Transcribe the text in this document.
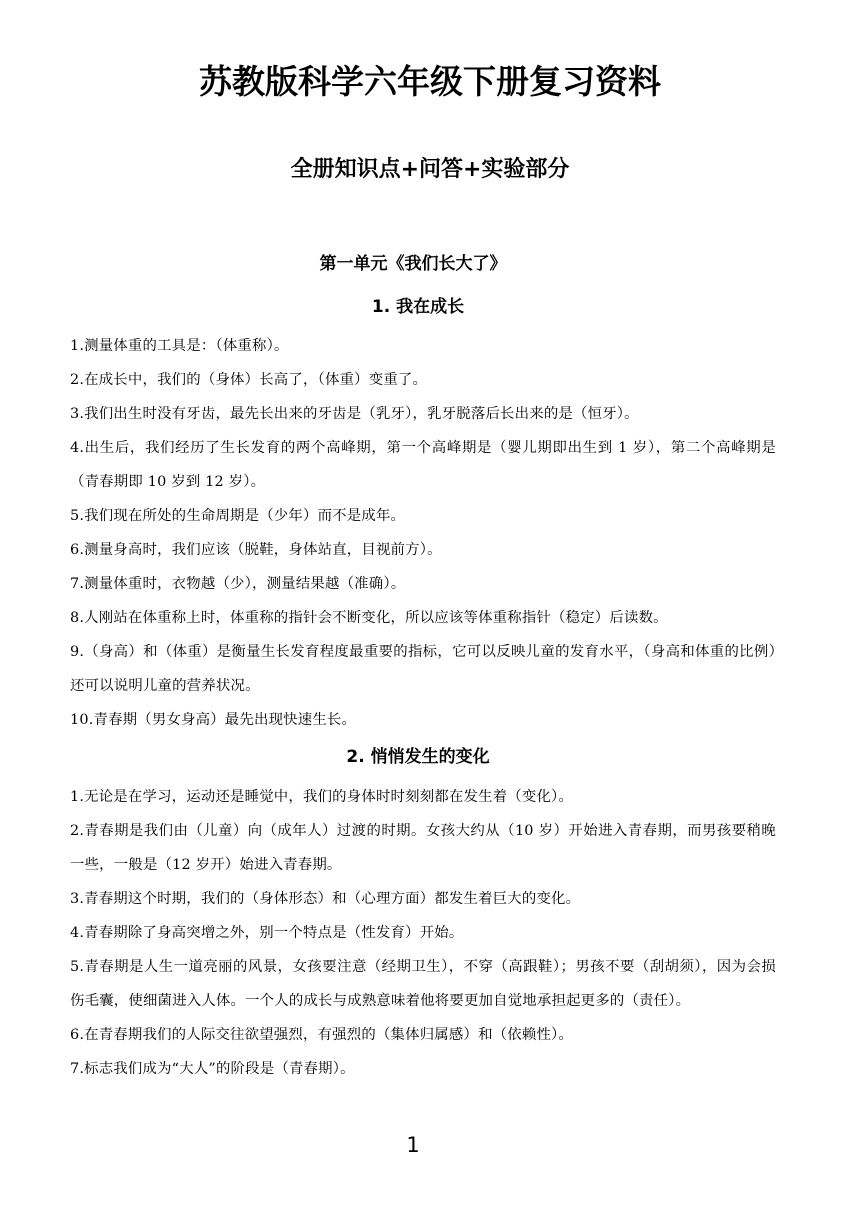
苏教版科学六年级下册复习资料
全册知识点+问答+实验部分
第一单元《我们长大了》
1. 我在成长
1.测量体重的工具是：（体重称）。
2.在成长中，我们的（身体）长高了，（体重）变重了。
3.我们出生时没有牙齿，最先长出来的牙齿是（乳牙），乳牙脱落后长出来的是（恒牙）。
4.出生后，我们经历了生长发育的两个高峰期，第一个高峰期是（婴儿期即出生到 1 岁），第二个高峰期是（青春期即 10 岁到 12 岁）。
5.我们现在所处的生命周期是（少年）而不是成年。
6.测量身高时，我们应该（脱鞋，身体站直，目视前方）。
7.测量体重时，衣物越（少），测量结果越（准确）。
8.人刚站在体重称上时，体重称的指针会不断变化，所以应该等体重称指针（稳定）后读数。
9.（身高）和（体重）是衡量生长发育程度最重要的指标，它可以反映儿童的发育水平，（身高和体重的比例）还可以说明儿童的营养状况。
10.青春期（男女身高）最先出现快速生长。
2. 悄悄发生的变化
1.无论是在学习，运动还是睡觉中，我们的身体时时刻刻都在发生着（变化）。
2.青春期是我们由（儿童）向（成年人）过渡的时期。女孩大约从（10 岁）开始进入青春期，而男孩要稍晚一些，一般是（12 岁开）始进入青春期。
3.青春期这个时期，我们的（身体形态）和（心理方面）都发生着巨大的变化。
4.青春期除了身高突增之外，别一个特点是（性发育）开始。
5.青春期是人生一道亮丽的风景，女孩要注意（经期卫生），不穿（高跟鞋）；男孩不要（刮胡须），因为会损伤毛囊，使细菌进入人体。一个人的成长与成熟意味着他将要更加自觉地承担起更多的（责任）。
6.在青春期我们的人际交往欲望强烈，有强烈的（集体归属感）和（依赖性）。
7.标志我们成为“大人”的阶段是（青春期）。
1
